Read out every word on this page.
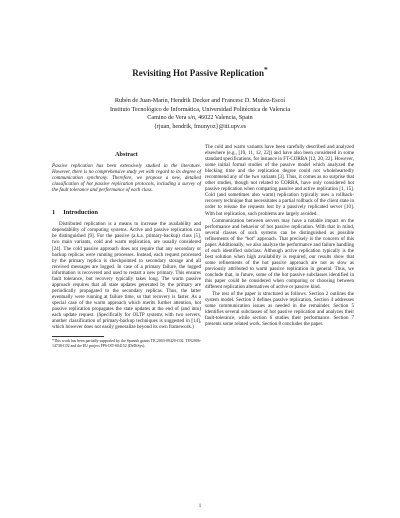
Revisiting Hot Passive Replication*
Rubén de Juan-Marín, Hendrik Decker and Francesc D. Muñoz-Escoí
Instituto Tecnológico de Informática, Universidad Politécnica de Valencia
Camino de Vera s/n, 46022 Valencia, Spain
{rjuan, hendrik, fmunyoz}@iti.upv.es
Abstract

Passive replication has been extensively studied in the literature. However, there is no comprehensive study yet with regard to its degree of communication synchrony. Therefore, we propose a new, detailed classification of hot passive replication protocols, including a survey of the fault tolerance and performance of each class.

1 Introduction

Distributed replication is a means to increase the availability and dependability of computing systems. Active and passive replication can be distinguished [9]. For the passive (a.k.a. primary-backup) class [5], two main variants, cold and warm replication, are usually considered [24]. The cold passive approach does not require that any secondary or backup replicas were running processes. Instead, each request processed by the primary replica is checkpointed to secondary storage and all received messages are logged. In case of a primary failure, the logged information is recovered and used to restart a new primary. This ensures fault tolerance, but recovery typically takes long. The warm passive approach requires that all state updates generated by the primary are periodically propagated to the secondary replicas. Thus, the latter eventually were running at failure time, so that recovery is faster. As a special case of the warm approach which merits further attention, hot passive replication propagates the state updates at the end of (and into) each update request. (Specifically for OLTP systems with two servers, another classification of primary-backup techniques is suggested in [14], which however does not easily generalize beyond its own framework.)

*This work has been partially supported by the Spanish grants TIC2003-09420-C02, TIN2006-14738-C02 and the EU project FP6-IST-004152 (DeDiSys).

The cold and warm variants have been carefully described and analyzed elsewhere (e.g., [10, 11, 12, 22]) and have also been considered in some standard specifications, for instance in FT-CORBA [12, 20, 22]. However, some initial formal studies of the passive model which analyzed the blocking time and the replication degree could not wholeheartedly recommend any of the two variants [3]. Thus, it comes as no surprise that other studies, though not related to CORBA, have only considered hot passive replication when comparing passive and active replication [1, 15]. Cold (and sometimes also warm) replication typically uses a rollback-recovery technique that necessitates a partial rollback of the client state in order to reissue the requests lost by a passively replicated server [10]. With hot replication, such problems are largely avoided.

Communication between servers may have a notable impact on the performance and behavior of hot passive replication. With that in mind, several classes of such systems can be distinguished as possible refinements of the “hot” approach. That precisely is the concern of this paper. Additionally, we also analyze the performance and failure handling of each identified subclass. Although active replication typically is the best solution when high availability is required, our results show that some refinements of the hot passive approach are not as slow as previously attributed to warm passive replication in general. Thus, we conclude that, in future, some of the hot passive subclasses identified in this paper could be considered when comparing or choosing between different replication alternatives of active or passive kind.

The rest of the paper is structured as follows. Section 2 outlines the system model. Section 3 defines passive replication. Section 4 addresses some communication issues as needed in the remainder. Section 5 identifies several subclasses of hot passive replication and analyzes their fault-tolerance, while section 6 studies their performance. Section 7 presents some related work. Section 8 concludes the paper.

1
